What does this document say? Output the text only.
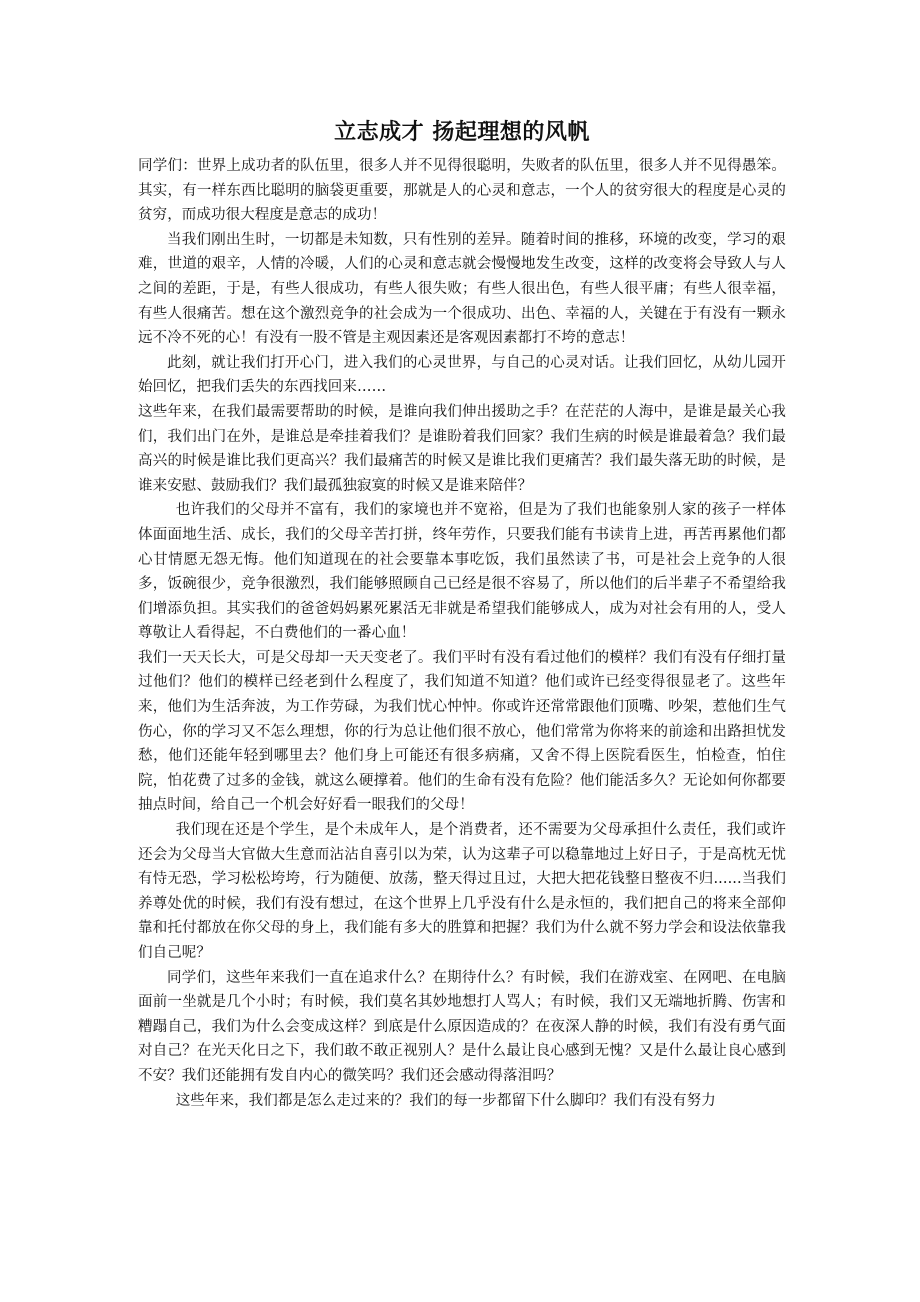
立志成才 扬起理想的风帆

同学们：世界上成功者的队伍里，很多人并不见得很聪明，失败者的队伍里，很多人并不见得愚笨。其实，有一样东西比聪明的脑袋更重要，那就是人的心灵和意志，一个人的贫穷很大的程度是心灵的贫穷，而成功很大程度是意志的成功！

当我们刚出生时，一切都是未知数，只有性别的差异。随着时间的推移，环境的改变，学习的艰难，世道的艰辛，人情的冷暖，人们的心灵和意志就会慢慢地发生改变，这样的改变将会导致人与人之间的差距，于是，有些人很成功，有些人很失败；有些人很出色，有些人很平庸；有些人很幸福，有些人很痛苦。想在这个激烈竞争的社会成为一个很成功、出色、幸福的人，关键在于有没有一颗永远不冷不死的心！有没有一股不管是主观因素还是客观因素都打不垮的意志！

此刻，就让我们打开心门，进入我们的心灵世界，与自己的心灵对话。让我们回忆，从幼儿园开始回忆，把我们丢失的东西找回来……

这些年来，在我们最需要帮助的时候，是谁向我们伸出援助之手？在茫茫的人海中，是谁是最关心我们，我们出门在外，是谁总是牵挂着我们？是谁盼着我们回家？我们生病的时候是谁最着急？我们最高兴的时候是谁比我们更高兴？我们最痛苦的时候又是谁比我们更痛苦？我们最失落无助的时候，是谁来安慰、鼓励我们？我们最孤独寂寞的时候又是谁来陪伴？

也许我们的父母并不富有，我们的家境也并不宽裕，但是为了我们也能象别人家的孩子一样体体面面地生活、成长，我们的父母辛苦打拼，终年劳作，只要我们能有书读肯上进，再苦再累他们都心甘情愿无怨无悔。他们知道现在的社会要靠本事吃饭，我们虽然读了书，可是社会上竞争的人很多，饭碗很少，竞争很激烈，我们能够照顾自己已经是很不容易了，所以他们的后半辈子不希望给我们增添负担。其实我们的爸爸妈妈累死累活无非就是希望我们能够成人，成为对社会有用的人，受人尊敬让人看得起，不白费他们的一番心血！

我们一天天长大，可是父母却一天天变老了。我们平时有没有看过他们的模样？我们有没有仔细打量过他们？他们的模样已经老到什么程度了，我们知道不知道？他们或许已经变得很显老了。这些年来，他们为生活奔波，为工作劳碌，为我们忧心忡忡。你或许还常常跟他们顶嘴、吵架，惹他们生气伤心，你的学习又不怎么理想，你的行为总让他们很不放心，他们常常为你将来的前途和出路担忧发愁，他们还能年轻到哪里去？他们身上可能还有很多病痛，又舍不得上医院看医生，怕检查，怕住院，怕花费了过多的金钱，就这么硬撑着。他们的生命有没有危险？他们能活多久？无论如何你都要抽点时间，给自己一个机会好好看一眼我们的父母！

我们现在还是个学生，是个未成年人，是个消费者，还不需要为父母承担什么责任，我们或许还会为父母当大官做大生意而沾沾自喜引以为荣，认为这辈子可以稳靠地过上好日子，于是高枕无忧有恃无恐，学习松松垮垮，行为随便、放荡，整天得过且过，大把大把花钱整日整夜不归......当我们养尊处优的时候，我们有没有想过，在这个世界上几乎没有什么是永恒的，我们把自己的将来全部仰靠和托付都放在你父母的身上，我们能有多大的胜算和把握？我们为什么就不努力学会和设法依靠我们自己呢？

同学们，这些年来我们一直在追求什么？在期待什么？有时候，我们在游戏室、在网吧、在电脑面前一坐就是几个小时；有时候，我们莫名其妙地想打人骂人；有时候，我们又无端地折腾、伤害和糟蹋自己，我们为什么会变成这样？到底是什么原因造成的？在夜深人静的时候，我们有没有勇气面对自己？在光天化日之下，我们敢不敢正视别人？是什么最让良心感到无愧？又是什么最让良心感到不安？我们还能拥有发自内心的微笑吗？我们还会感动得落泪吗？

这些年来，我们都是怎么走过来的？我们的每一步都留下什么脚印？我们有没有努力
